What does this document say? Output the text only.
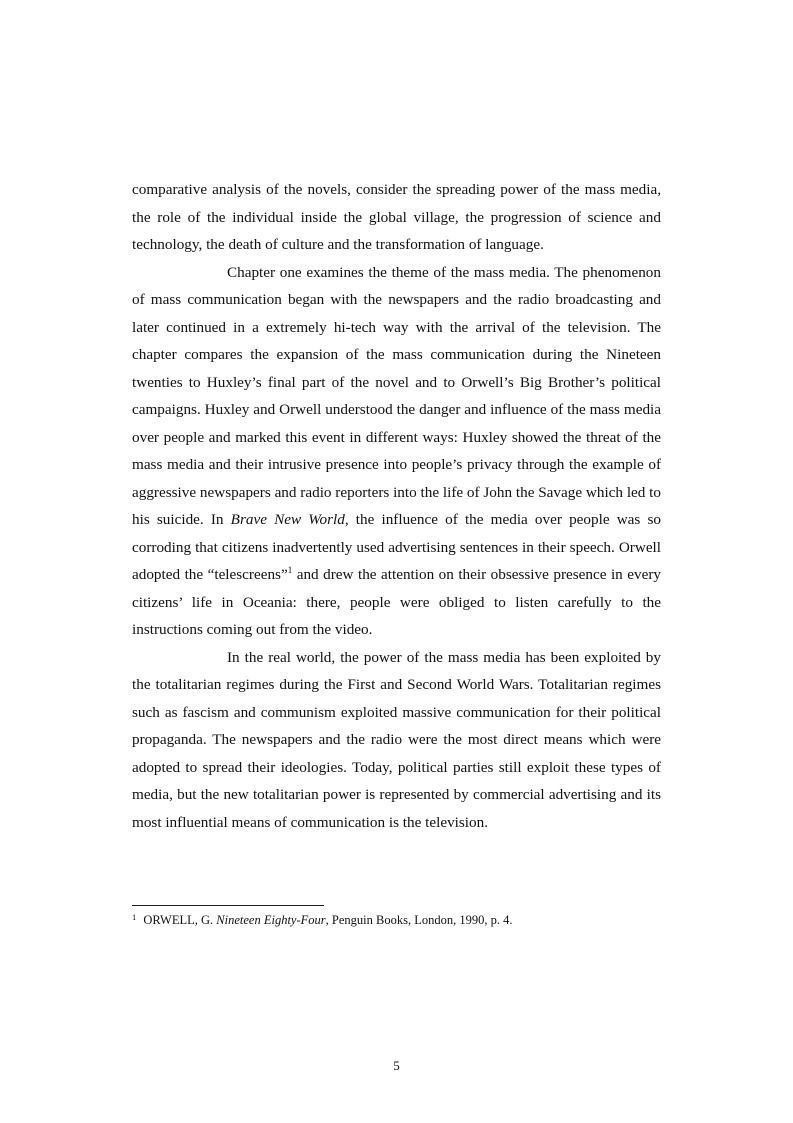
comparative analysis of the novels, consider the spreading power of the mass media, the role of the individual inside the global village, the progression of science and technology, the death of culture and the transformation of language.

Chapter one examines the theme of the mass media. The phenomenon of mass communication began with the newspapers and the radio broadcasting and later continued in a extremely hi-tech way with the arrival of the television. The chapter compares the expansion of the mass communication during the Nineteen twenties to Huxley’s final part of the novel and to Orwell’s Big Brother’s political campaigns. Huxley and Orwell understood the danger and influence of the mass media over people and marked this event in different ways: Huxley showed the threat of the mass media and their intrusive presence into people’s privacy through the example of aggressive newspapers and radio reporters into the life of John the Savage which led to his suicide. In Brave New World, the influence of the media over people was so corroding that citizens inadvertently used advertising sentences in their speech. Orwell adopted the “telescreens”$^1$ and drew the attention on their obsessive presence in every citizens’ life in Oceania: there, people were obliged to listen carefully to the instructions coming out from the video.

In the real world, the power of the mass media has been exploited by the totalitarian regimes during the First and Second World Wars. Totalitarian regimes such as fascism and communism exploited massive communication for their political propaganda. The newspapers and the radio were the most direct means which were adopted to spread their ideologies. Today, political parties still exploit these types of media, but the new totalitarian power is represented by commercial advertising and its most influential means of communication is the television.

$^1$ ORWELL, G. Nineteen Eighty-Four, Penguin Books, London, 1990, p. 4.
5
